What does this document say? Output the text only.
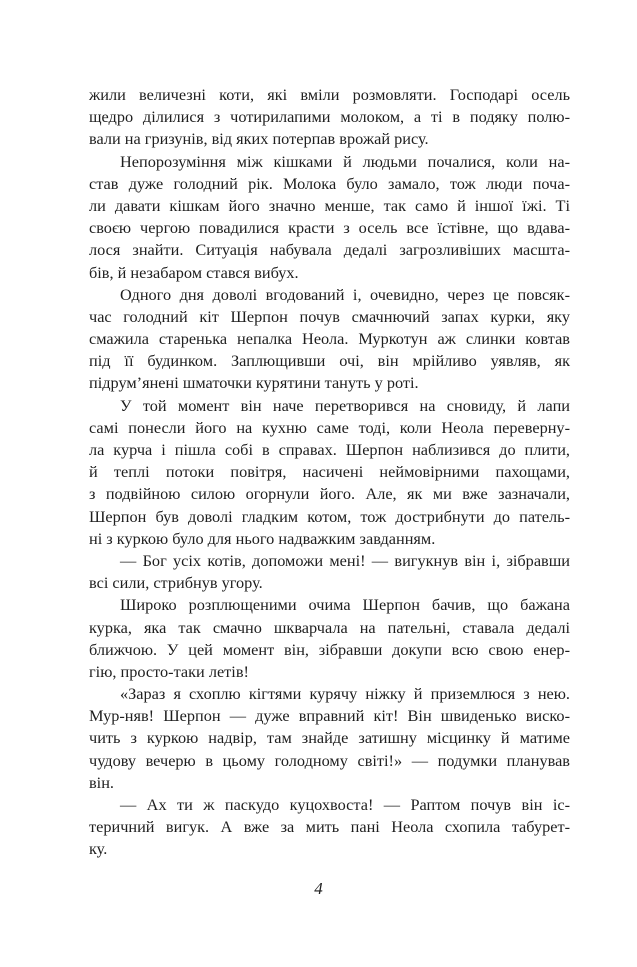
жили величезні коти, які вміли розмовляти. Господарі осель
щедро ділилися з чотирилапими молоком, а ті в подяку полю-
вали на гризунів, від яких потерпав врожай рису.
Непорозуміння між кішками й людьми почалися, коли на-
став дуже голодний рік. Молока було замало, тож люди поча-
ли давати кішкам його значно менше, так само й іншої їжі. Ті
своєю чергою повадилися красти з осель все їстівне, що вдава-
лося знайти. Ситуація набувала дедалі загрозливіших масшта-
бів, й незабаром стався вибух.
Одного дня доволі вгодований і, очевидно, через це повсяк-
час голодний кіт Шерпон почув смачнючий запах курки, яку
смажила старенька непалка Неола. Муркотун аж слинки ковтав
під її будинком. Заплющивши очі, він мрійливо уявляв, як
підрум’янені шматочки курятини тануть у роті.
У той момент він наче перетворився на сновиду, й лапи
самі понесли його на кухню саме тоді, коли Неола переверну-
ла курча і пішла собі в справах. Шерпон наблизився до плити,
й теплі потоки повітря, насичені неймовірними пахощами,
з подвійною силою огорнули його. Але, як ми вже зазначали,
Шерпон був доволі гладким котом, тож дострибнути до патель-
ні з куркою було для нього надважким завданням.
— Бог усіх котів, допоможи мені! — вигукнув він і, зібравши
всі сили, стрибнув угору.
Широко розплющеними очима Шерпон бачив, що бажана
курка, яка так смачно шкварчала на пательні, ставала дедалі
ближчою. У цей момент він, зібравши докупи всю свою енер-
гію, просто-таки летів!
«Зараз я схоплю кігтями курячу ніжку й приземлюся з нею.
Мур-няв! Шерпон — дуже вправний кіт! Він швиденько виско-
чить з куркою надвір, там знайде затишну місцинку й матиме
чудову вечерю в цьому голодному світі!» — подумки планував
він.
— Ах ти ж паскудо куцохвоста! — Раптом почув він іс-
теричний вигук. А вже за мить пані Неола схопила табурет-
ку.
4
